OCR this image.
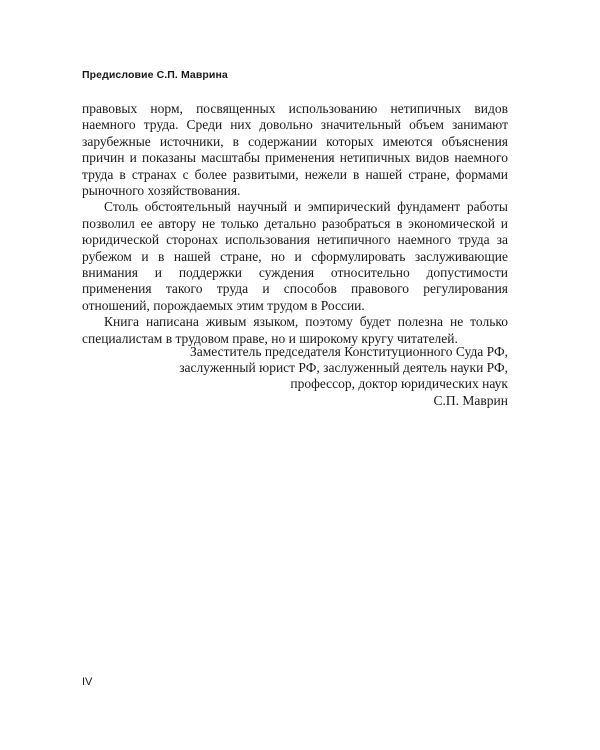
Предисловие С.П. Маврина

правовых норм, посвященных использованию нетипичных видов наемного труда. Среди них довольно значительный объем занимают зарубежные источники, в содержании которых имеются объяснения причин и показаны масштабы применения нетипичных видов наемного труда в странах с более развитыми, нежели в нашей стране, формами рыночного хозяйствования.

Столь обстоятельный научный и эмпирический фундамент работы позволил ее автору не только детально разобраться в экономической и юридической сторонах использования нетипичного наемного труда за рубежом и в нашей стране, но и сформулировать заслуживающие внимания и поддержки суждения относительно допустимости применения такого труда и способов правового регулирования отношений, порождаемых этим трудом в России.

Книга написана живым языком, поэтому будет полезна не только специалистам в трудовом праве, но и широкому кругу читателей.

Заместитель председателя Конституционного Суда РФ,
заслуженный юрист РФ, заслуженный деятель науки РФ,
профессор, доктор юридических наук
С.П. Маврин
IV
